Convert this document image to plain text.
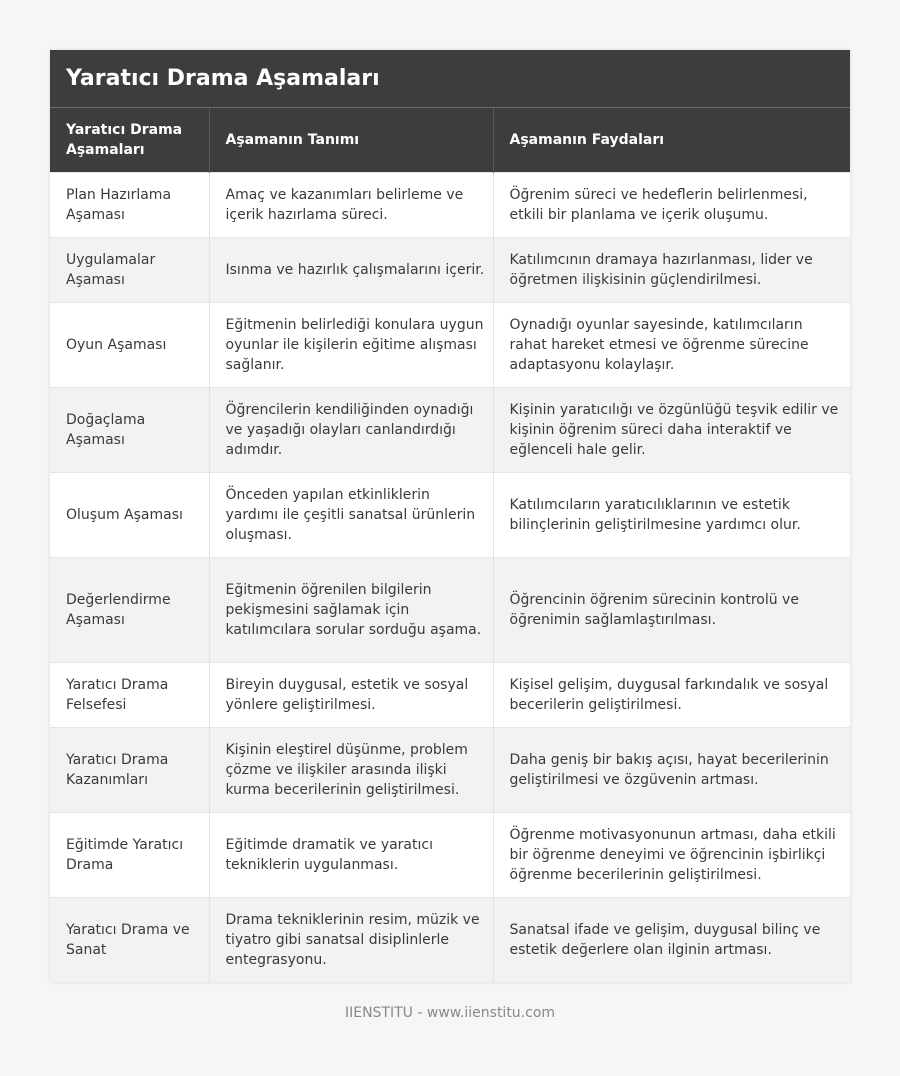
Yaratıcı Drama Aşamaları
Yaratıcı Drama Aşamaları	Aşamanın Tanımı	Aşamanın Faydaları
Plan Hazırlama Aşaması	Amaç ve kazanımları belirleme ve içerik hazırlama süreci.	Öğrenim süreci ve hedeflerin belirlenmesi, etkili bir planlama ve içerik oluşumu.
Uygulamalar Aşaması	Isınma ve hazırlık çalışmalarını içerir.	Katılımcının dramaya hazırlanması, lider ve öğretmen ilişkisinin güçlendirilmesi.
Oyun Aşaması	Eğitmenin belirlediği konulara uygun oyunlar ile kişilerin eğitime alışması sağlanır.	Oynadığı oyunlar sayesinde, katılımcıların rahat hareket etmesi ve öğrenme sürecine adaptasyonu kolaylaşır.
Doğaçlama Aşaması	Öğrencilerin kendiliğinden oynadığı ve yaşadığı olayları canlandırdığı adımdır.	Kişinin yaratıcılığı ve özgünlüğü teşvik edilir ve kişinin öğrenim süreci daha interaktif ve eğlenceli hale gelir.
Oluşum Aşaması	Önceden yapılan etkinliklerin yardımı ile çeşitli sanatsal ürünlerin oluşması.	Katılımcıların yaratıcılıklarının ve estetik bilinçlerinin geliştirilmesine yardımcı olur.
Değerlendirme Aşaması	Eğitmenin öğrenilen bilgilerin pekişmesini sağlamak için katılımcılara sorular sorduğu aşama.	Öğrencinin öğrenim sürecinin kontrolü ve öğrenimin sağlamlaştırılması.
Yaratıcı Drama Felsefesi	Bireyin duygusal, estetik ve sosyal yönlere geliştirilmesi.	Kişisel gelişim, duygusal farkındalık ve sosyal becerilerin geliştirilmesi.
Yaratıcı Drama Kazanımları	Kişinin eleştirel düşünme, problem çözme ve ilişkiler arasında ilişki kurma becerilerinin geliştirilmesi.	Daha geniş bir bakış açısı, hayat becerilerinin geliştirilmesi ve özgüvenin artması.
Eğitimde Yaratıcı Drama	Eğitimde dramatik ve yaratıcı tekniklerin uygulanması.	Öğrenme motivasyonunun artması, daha etkili bir öğrenme deneyimi ve öğrencinin işbirlikçi öğrenme becerilerinin geliştirilmesi.
Yaratıcı Drama ve Sanat	Drama tekniklerinin resim, müzik ve tiyatro gibi sanatsal disiplinlerle entegrasyonu.	Sanatsal ifade ve gelişim, duygusal bilinç ve estetik değerlere olan ilginin artması.
IIENSTITU - www.iienstitu.com
